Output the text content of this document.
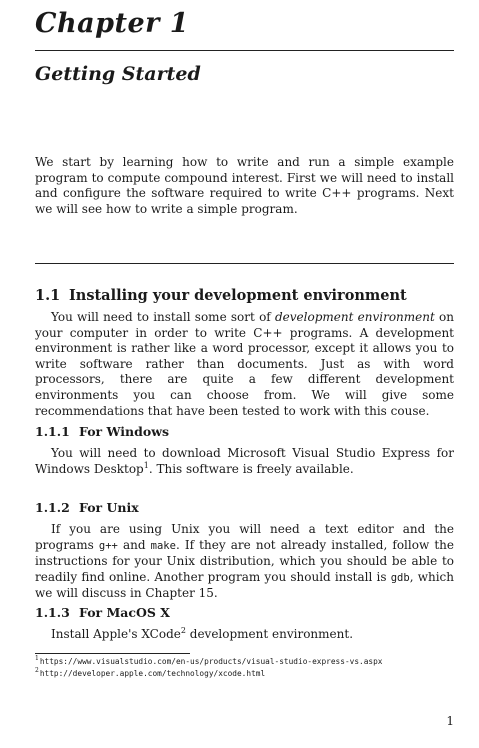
Chapter 1
Getting Started
We start by learning how to write and run a simple example program to compute compound interest. First we will need to install and configure the software required to write C++ programs. Next we will see how to write a simple program.
1.1 Installing your development environment
You will need to install some sort of development environment on your computer in order to write C++ programs. A development environment is rather like a word processor, except it allows you to write software rather than documents. Just as with word processors, there are quite a few different development environments you can choose from. We will give some recommendations that have been tested to work with this couse.
1.1.1 For Windows
You will need to download Microsoft Visual Studio Express for Windows Desktop$^1$. This software is freely available.
1.1.2 For Unix
If you are using Unix you will need a text editor and the programs g++ and make. If they are not already installed, follow the instructions for your Unix distribution, which you should be able to readily find online. Another program you should install is gdb, which we will discuss in Chapter 15.
1.1.3 For MacOS X
Install Apple's XCode$^2$ development environment.
$^1$https://www.visualstudio.com/en-us/products/visual-studio-express-vs.aspx
$^2$http://developer.apple.com/technology/xcode.html
1
